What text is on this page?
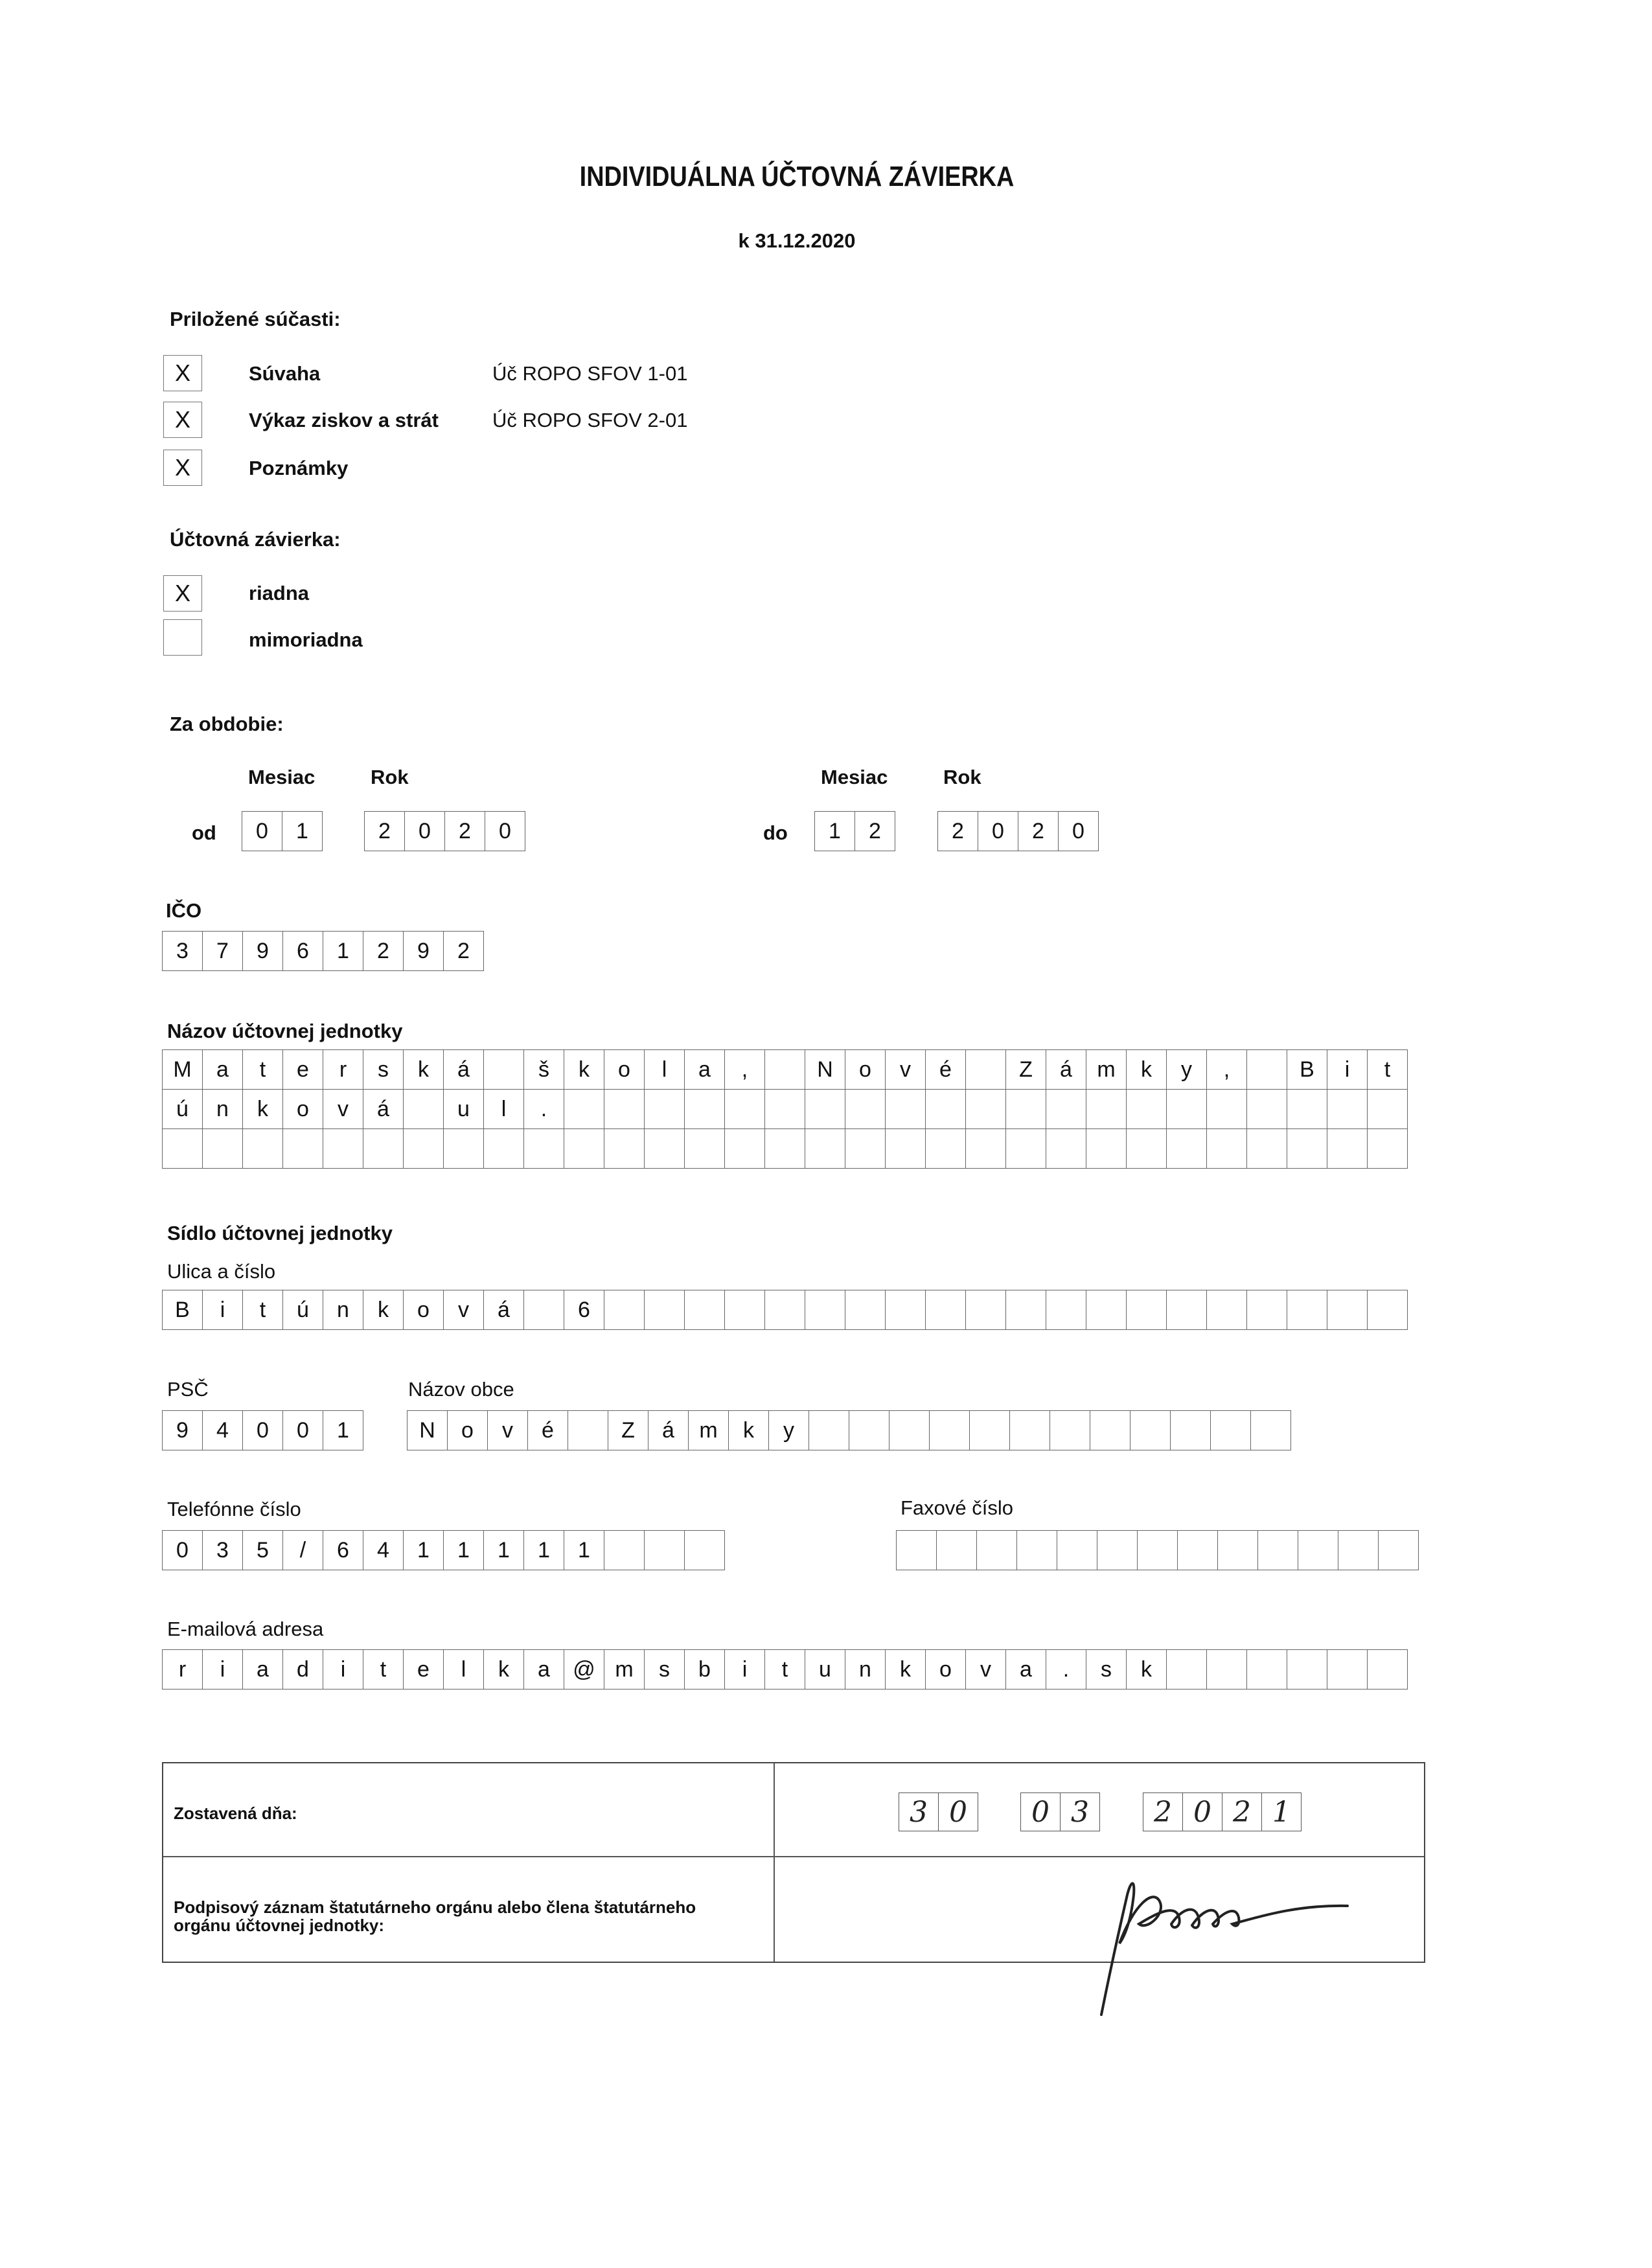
INDIVIDUÁLNA ÚČTOVNÁ ZÁVIERKA
k 31.12.2020
Priložené súčasti:
X	Súvaha	Úč ROPO SFOV 1-01
X	Výkaz ziskov a strát	Úč ROPO SFOV 2-01
X	Poznámky
Účtovná závierka:
X	riadna
mimoriadna
Za obdobie:
Mesiac	Rok
od	0	1	2	0	2	0
Mesiac	Rok
do	1	2	2	0	2	0
IČO
3	7	9	6	1	2	9	2
Názov účtovnej jednotky
M	a	t	e	r	s	k	á	š	k	o	l	a	,	N	o	v	é	Z	á	m	k	y	,	B	i	t
ú	n	k	o	v	á	u	l	.
Sídlo účtovnej jednotky
Ulica a číslo
B	i	t	ú	n	k	o	v	á	6
PSČ
9	4	0	0	1
Názov obce
N	o	v	é	Z	á	m	k	y
Telefónne číslo
0	3	5	/	6	4	1	1	1	1	1
Faxové číslo
E-mailová adresa
r	i	a	d	i	t	e	l	k	a	@ m	s	b	i	t	u	n	k	o	v	a	.	s	k
Zostavená dňa:	3 0	0 3	2 0 2 1
Podpisový záznam štatutárneho orgánu alebo člena štatutárneho orgánu účtovnej jednotky:
